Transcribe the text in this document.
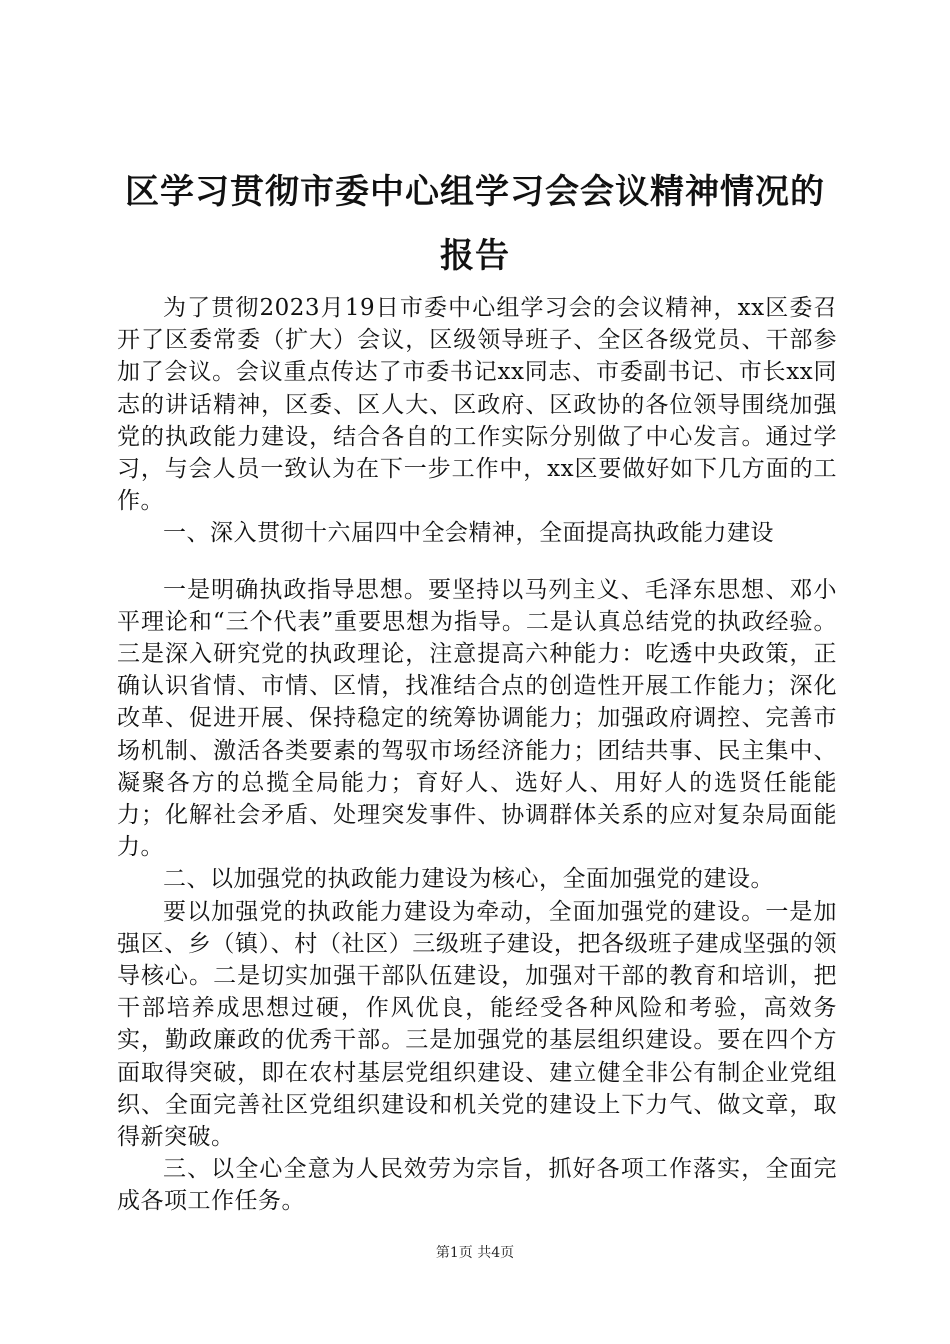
区学习贯彻市委中心组学习会会议精神情况的
报告

为了贯彻2023月19日市委中心组学习会的会议精神，xx区委召开了区委常委（扩大）会议，区级领导班子、全区各级党员、干部参加了会议。会议重点传达了市委书记xx同志、市委副书记、市长xx同志的讲话精神，区委、区人大、区政府、区政协的各位领导围绕加强党的执政能力建设，结合各自的工作实际分别做了中心发言。通过学习，与会人员一致认为在下一步工作中，xx区要做好如下几方面的工作。

一、深入贯彻十六届四中全会精神，全面提高执政能力建设

一是明确执政指导思想。要坚持以马列主义、毛泽东思想、邓小平理论和“三个代表”重要思想为指导。二是认真总结党的执政经验。三是深入研究党的执政理论，注意提高六种能力：吃透中央政策，正确认识省情、市情、区情，找准结合点的创造性开展工作能力；深化改革、促进开展、保持稳定的统筹协调能力；加强政府调控、完善市场机制、激活各类要素的驾驭市场经济能力；团结共事、民主集中、凝聚各方的总揽全局能力；育好人、选好人、用好人的选贤任能能力；化解社会矛盾、处理突发事件、协调群体关系的应对复杂局面能力。

二、以加强党的执政能力建设为核心，全面加强党的建设。

要以加强党的执政能力建设为牵动，全面加强党的建设。一是加强区、乡（镇）、村（社区）三级班子建设，把各级班子建成坚强的领导核心。二是切实加强干部队伍建设，加强对干部的教育和培训，把干部培养成思想过硬，作风优良，能经受各种风险和考验，高效务实，勤政廉政的优秀干部。三是加强党的基层组织建设。要在四个方面取得突破，即在农村基层党组织建设、建立健全非公有制企业党组织、全面完善社区党组织建设和机关党的建设上下力气、做文章，取得新突破。

三、以全心全意为人民效劳为宗旨，抓好各项工作落实，全面完成各项工作任务。

第1页 共4页
